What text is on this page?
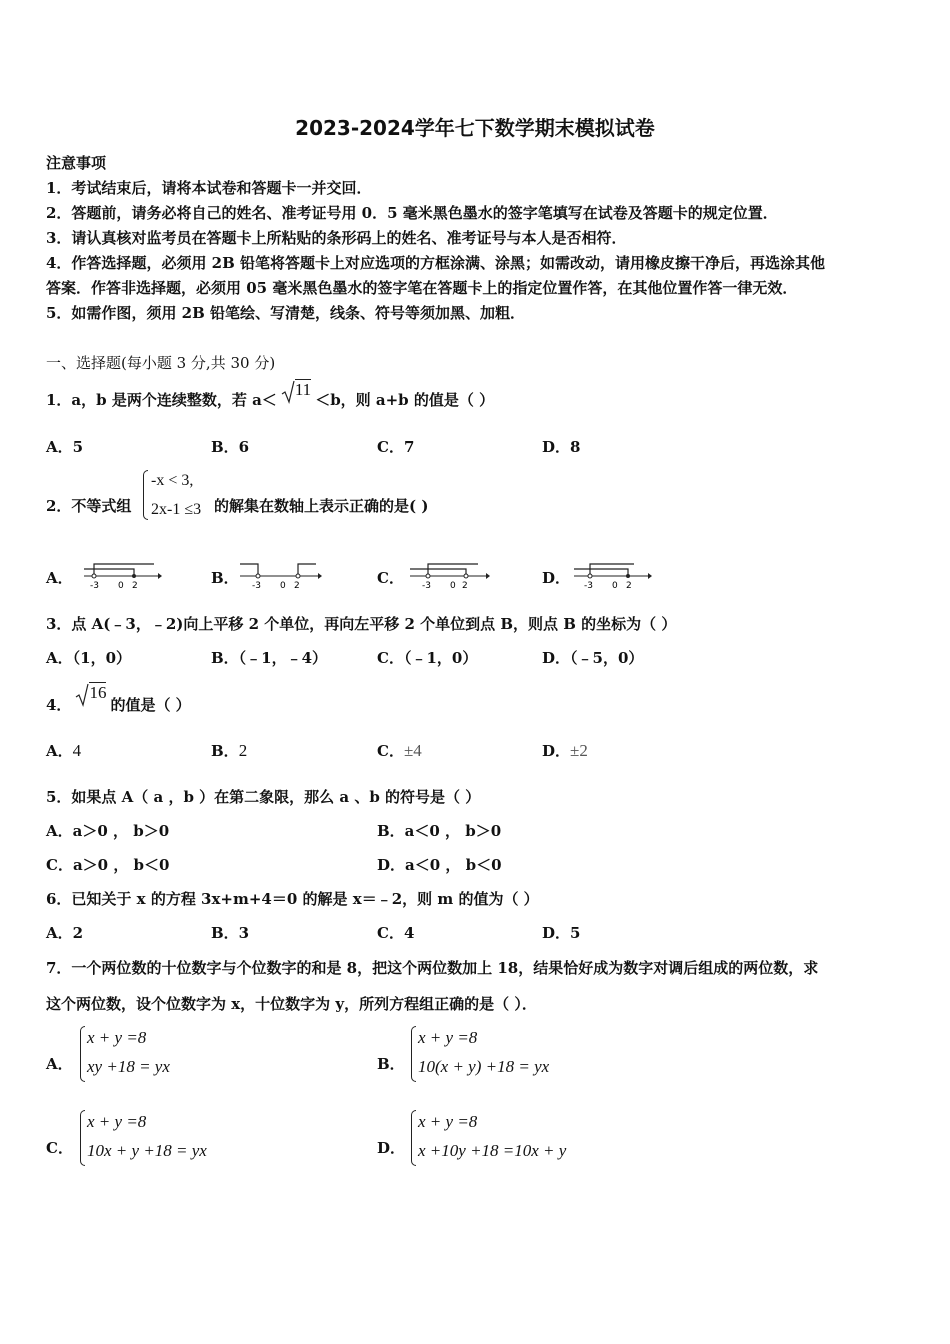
2023-2024学年七下数学期末模拟试卷
注意事项
1．考试结束后，请将本试卷和答题卡一并交回．
2．答题前，请务必将自己的姓名、准考证号用 0．5 毫米黑色墨水的签字笔填写在试卷及答题卡的规定位置．
3．请认真核对监考员在答题卡上所粘贴的条形码上的姓名、准考证号与本人是否相符．
4．作答选择题，必须用 2B 铅笔将答题卡上对应选项的方框涂满、涂黑；如需改动，请用橡皮擦干净后，再选涂其他
答案．作答非选择题，必须用 05 毫米黑色墨水的签字笔在答题卡上的指定位置作答，在其他位置作答一律无效．
5．如需作图，须用 2B 铅笔绘、写清楚，线条、符号等须加黑、加粗．
一、选择题(每小题 3 分,共 30 分)
1．a，b 是两个连续整数，若 a＜
11＜b，则 a+b 的值是（ ）
A．5	B．6	C．7	D．8
2．不等式组
-x < 3,
2x-1 ≤3 的解集在数轴上表示正确的是( )
A． -3 0 2	B． -3 0 2	C． -3 0 2	D． -3 0 2
3．点 A(﹣3，﹣2)向上平移 2 个单位，再向左平移 2 个单位到点 B，则点 B 的坐标为（ ）
A．（1，0）	B．（﹣1，﹣4）	C．（﹣1，0）	D．（﹣5，0）
4．
16的值是（ ）
A．4	B．2	C．±4	D．±2
5．如果点 A（ a ，b ）在第二象限，那么 a 、b 的符号是（ ）
A．a＞0 ， b＞0	B．a＜0 ， b＞0
C．a＞0 ， b＜0	D．a＜0 ， b＜0
6．已知关于 x 的方程 3x+m+4＝0 的解是 x＝﹣2，则 m 的值为（ ）
A．2	B．3	C．4	D．5
7．一个两位数的十位数字与个位数字的和是 8，把这个两位数加上 18，结果恰好成为数字对调后组成的两位数，求
这个两位数，设个位数字为 x，十位数字为 y，所列方程组正确的是（ ）．
A．
x + y =8
xy +18 = yx	B．
x + y =8
10(x + y) +18 = yx
C．
x + y =8
10x + y +18 = yx	D．
x + y =8
x +10y +18 =10x + y
